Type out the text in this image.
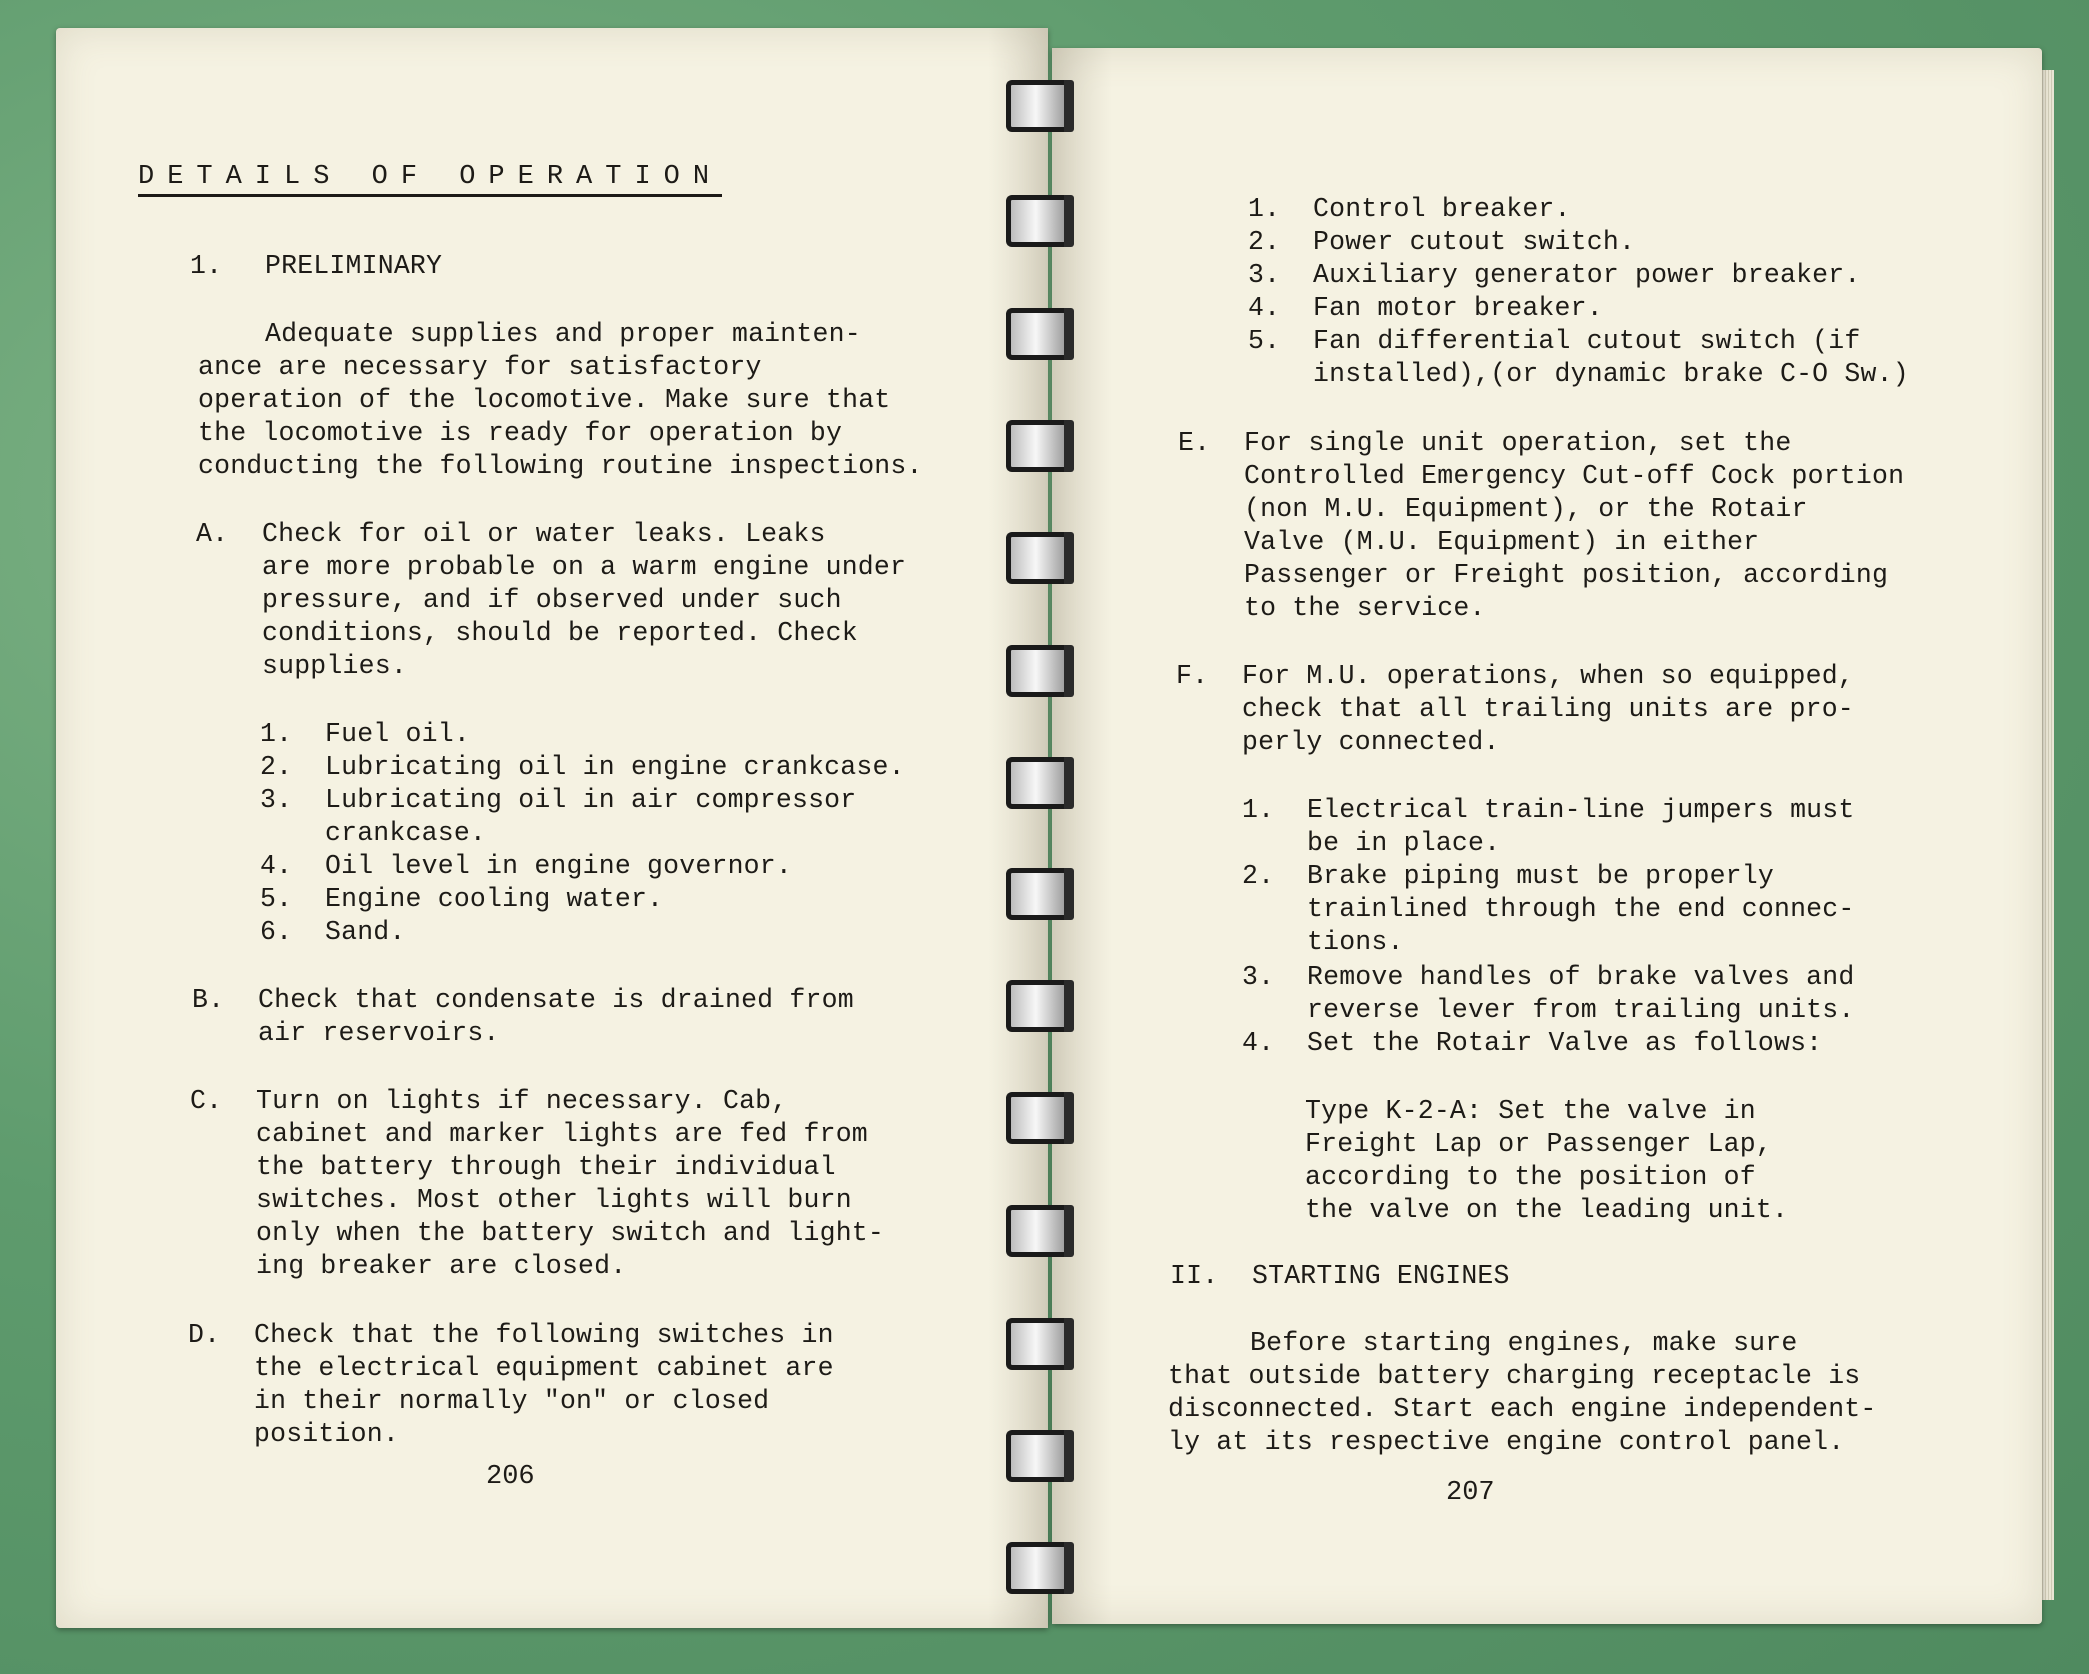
DETAILS OF OPERATION
1. PRELIMINARY
Adequate supplies and proper mainten-
ance are necessary for satisfactory
operation of the locomotive. Make sure that
the locomotive is ready for operation by
conducting the following routine inspections.
A. Check for oil or water leaks. Leaks
are more probable on a warm engine under
pressure, and if observed under such
conditions, should be reported. Check
supplies.
1. Fuel oil.
2. Lubricating oil in engine crankcase.
3. Lubricating oil in air compressor
crankcase.
4. Oil level in engine governor.
5. Engine cooling water.
6. Sand.
B. Check that condensate is drained from
air reservoirs.
C. Turn on lights if necessary. Cab,
cabinet and marker lights are fed from
the battery through their individual
switches. Most other lights will burn
only when the battery switch and light-
ing breaker are closed.
D. Check that the following switches in
the electrical equipment cabinet are
in their normally "on" or closed
position.
206
1. Control breaker.
2. Power cutout switch.
3. Auxiliary generator power breaker.
4. Fan motor breaker.
5. Fan differential cutout switch (if
installed),(or dynamic brake C-O Sw.)
E. For single unit operation, set the
Controlled Emergency Cut-off Cock portion
(non M.U. Equipment), or the Rotair
Valve (M.U. Equipment) in either
Passenger or Freight position, according
to the service.
F. For M.U. operations, when so equipped,
check that all trailing units are pro-
perly connected.
1. Electrical train-line jumpers must
be in place.
2. Brake piping must be properly
trainlined through the end connec-
tions.
3. Remove handles of brake valves and
reverse lever from trailing units.
4. Set the Rotair Valve as follows:
Type K-2-A: Set the valve in
Freight Lap or Passenger Lap,
according to the position of
the valve on the leading unit.
II. STARTING ENGINES
Before starting engines, make sure
that outside battery charging receptacle is
disconnected. Start each engine independent-
ly at its respective engine control panel.
207
